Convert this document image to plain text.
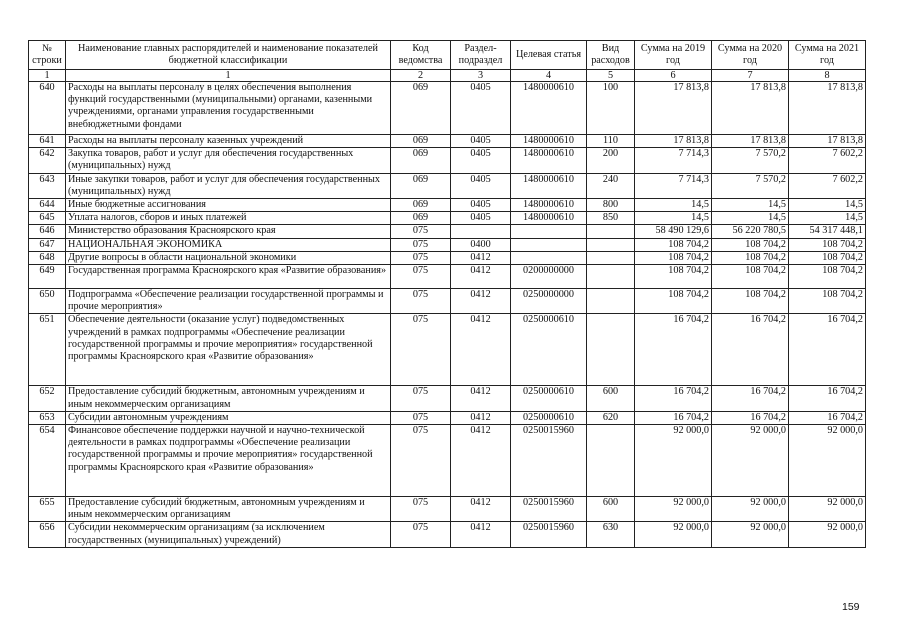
№ строки	Наименование главных распорядителей и наименование показателей бюджетной классификации	Код ведомства	Раздел-подраздел	Целевая статья	Вид расходов	Сумма на 2019 год	Сумма на 2020 год	Сумма на 2021 год
1	1	2	3	4	5	6	7	8
640	Расходы на выплаты персоналу в целях обеспечения выполнения функций государственными (муниципальными) органами, казенными учреждениями, органами управления государственными внебюджетными фондами	069	0405	1480000610	100	17 813,8	17 813,8	17 813,8
641	Расходы на выплаты персоналу казенных учреждений	069	0405	1480000610	110	17 813,8	17 813,8	17 813,8
642	Закупка товаров, работ и услуг для обеспечения государственных (муниципальных) нужд	069	0405	1480000610	200	7 714,3	7 570,2	7 602,2
643	Иные закупки товаров, работ и услуг для обеспечения государственных (муниципальных) нужд	069	0405	1480000610	240	7 714,3	7 570,2	7 602,2
644	Иные бюджетные ассигнования	069	0405	1480000610	800	14,5	14,5	14,5
645	Уплата налогов, сборов и иных платежей	069	0405	1480000610	850	14,5	14,5	14,5
646	Министерство образования Красноярского края	075				58 490 129,6	56 220 780,5	54 317 448,1
647	НАЦИОНАЛЬНАЯ ЭКОНОМИКА	075	0400			108 704,2	108 704,2	108 704,2
648	Другие вопросы в области национальной экономики	075	0412			108 704,2	108 704,2	108 704,2
649	Государственная программа Красноярского края «Развитие образования»	075	0412	0200000000		108 704,2	108 704,2	108 704,2
650	Подпрограмма «Обеспечение реализации государственной программы и прочие мероприятия»	075	0412	0250000000		108 704,2	108 704,2	108 704,2
651	Обеспечение деятельности (оказание услуг) подведомственных учреждений в рамках подпрограммы «Обеспечение реализации государственной программы и прочие мероприятия» государственной программы Красноярского края «Развитие образования»	075	0412	0250000610		16 704,2	16 704,2	16 704,2
652	Предоставление субсидий бюджетным, автономным учреждениям и иным некоммерческим организациям	075	0412	0250000610	600	16 704,2	16 704,2	16 704,2
653	Субсидии автономным учреждениям	075	0412	0250000610	620	16 704,2	16 704,2	16 704,2
654	Финансовое обеспечение поддержки научной и научно-технической деятельности в рамках подпрограммы «Обеспечение реализации государственной программы и прочие мероприятия» государственной программы Красноярского края «Развитие образования»	075	0412	0250015960		92 000,0	92 000,0	92 000,0
655	Предоставление субсидий бюджетным, автономным учреждениям и иным некоммерческим организациям	075	0412	0250015960	600	92 000,0	92 000,0	92 000,0
656	Субсидии некоммерческим организациям (за исключением государственных (муниципальных) учреждений)	075	0412	0250015960	630	92 000,0	92 000,0	92 000,0
159
